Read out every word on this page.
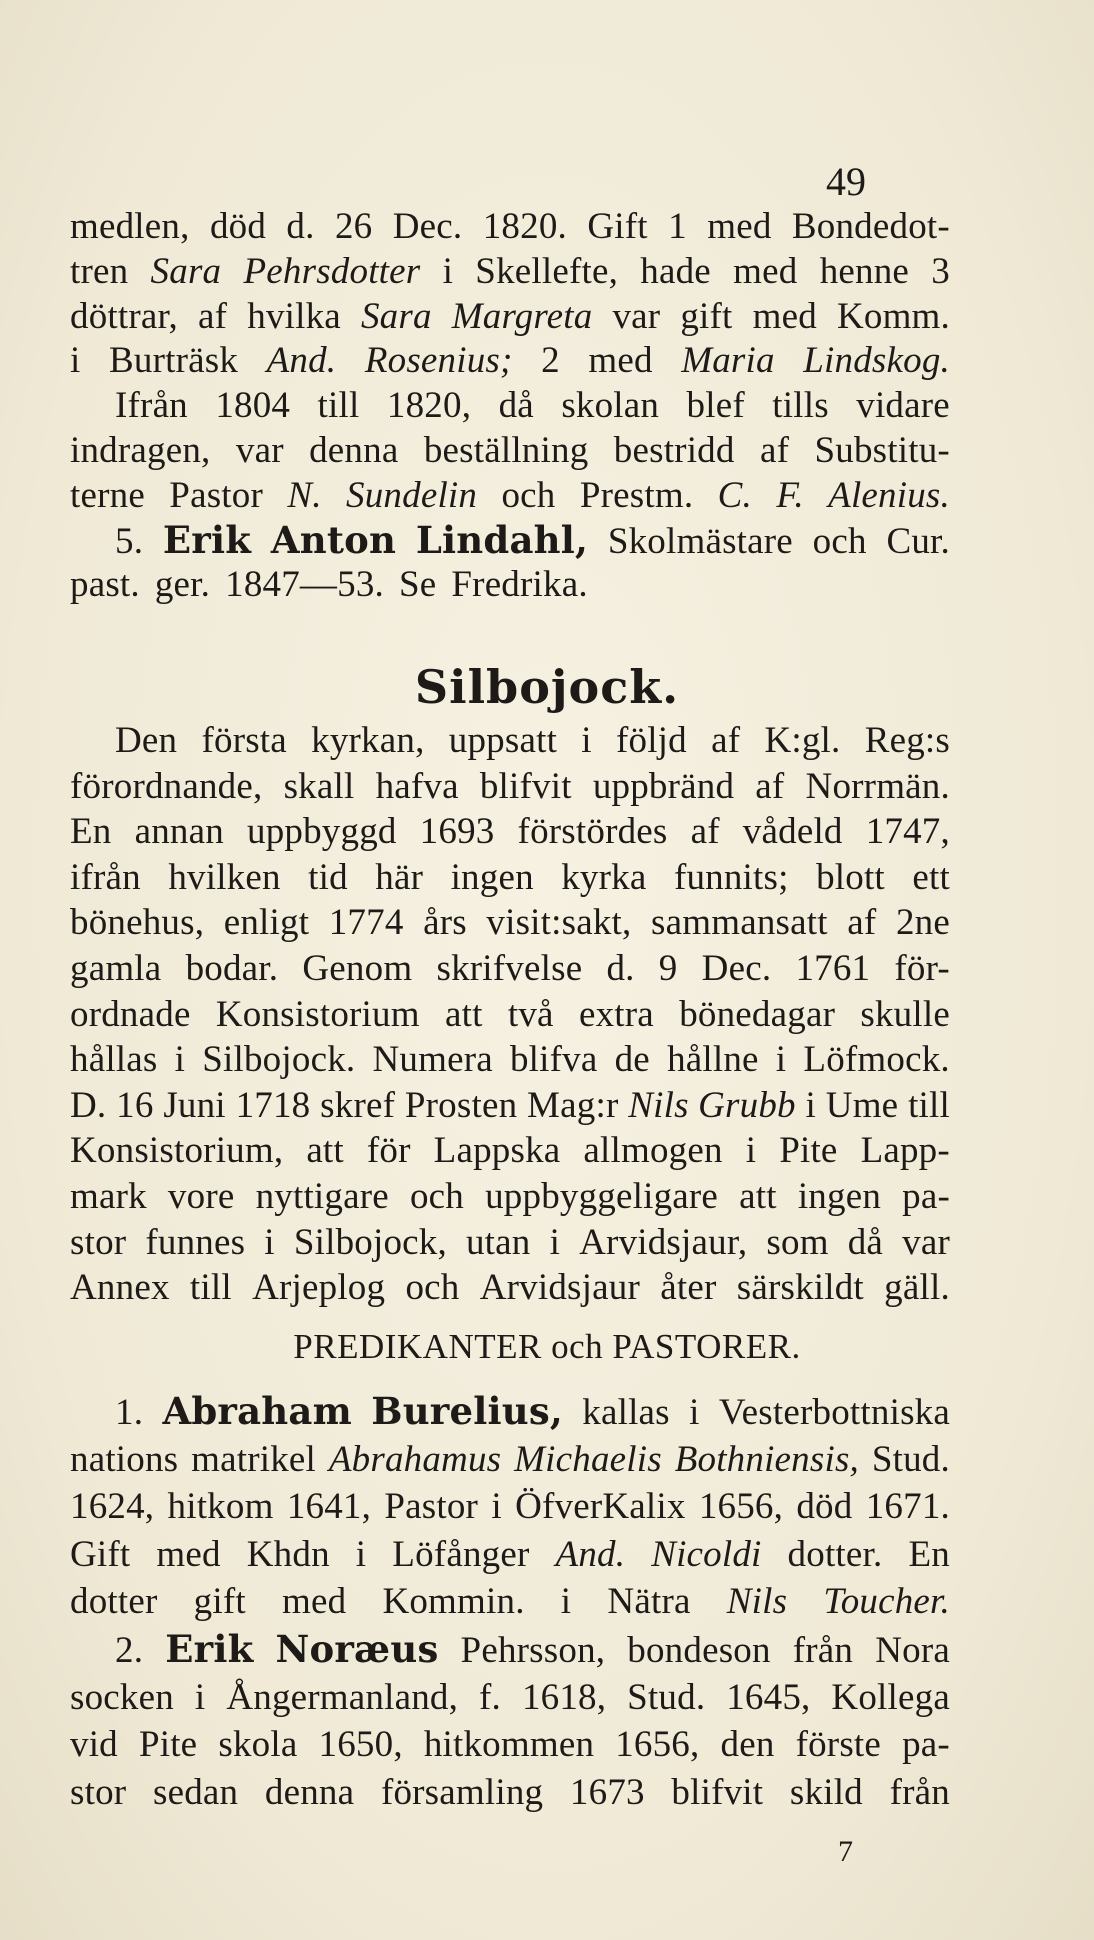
49
medlen, död d. 26 Dec. 1820. Gift 1 med Bondedot-
tren Sara Pehrsdotter i Skellefte, hade med henne 3
döttrar, af hvilka Sara Margreta var gift med Komm.
i Burträsk And. Rosenius; 2 med Maria Lindskog.
Ifrån 1804 till 1820, då skolan blef tills vidare
indragen, var denna beställning bestridd af Substitu-
terne Pastor N. Sundelin och Prestm. C. F. Alenius.
5. Erik Anton Lindahl, Skolmästare och Cur.
past. ger. 1847—53. Se Fredrika.
Silbojock.
Den första kyrkan, uppsatt i följd af K:gl. Reg:s
förordnande, skall hafva blifvit uppbränd af Norrmän.
En annan uppbyggd 1693 förstördes af vådeld 1747,
ifrån hvilken tid här ingen kyrka funnits; blott ett
bönehus, enligt 1774 års visit:sakt, sammansatt af 2ne
gamla bodar. Genom skrifvelse d. 9 Dec. 1761 för-
ordnade Konsistorium att två extra bönedagar skulle
hållas i Silbojock. Numera blifva de hållne i Löfmock.
D. 16 Juni 1718 skref Prosten Mag:r Nils Grubb i Ume till
Konsistorium, att för Lappska allmogen i Pite Lapp-
mark vore nyttigare och uppbyggeligare att ingen pa-
stor funnes i Silbojock, utan i Arvidsjaur, som då var
Annex till Arjeplog och Arvidsjaur åter särskildt gäll.
PREDIKANTER och PASTORER.
1. Abraham Burelius, kallas i Vesterbottniska
nations matrikel Abrahamus Michaelis Bothniensis, Stud.
1624, hitkom 1641, Pastor i ÖfverKalix 1656, död 1671.
Gift med Khdn i Löfånger And. Nicoldi dotter. En
dotter gift med Kommin. i Nätra Nils Toucher.
2. Erik Noræus Pehrsson, bondeson från Nora
socken i Ångermanland, f. 1618, Stud. 1645, Kollega
vid Pite skola 1650, hitkommen 1656, den förste pa-
stor sedan denna församling 1673 blifvit skild från
7
